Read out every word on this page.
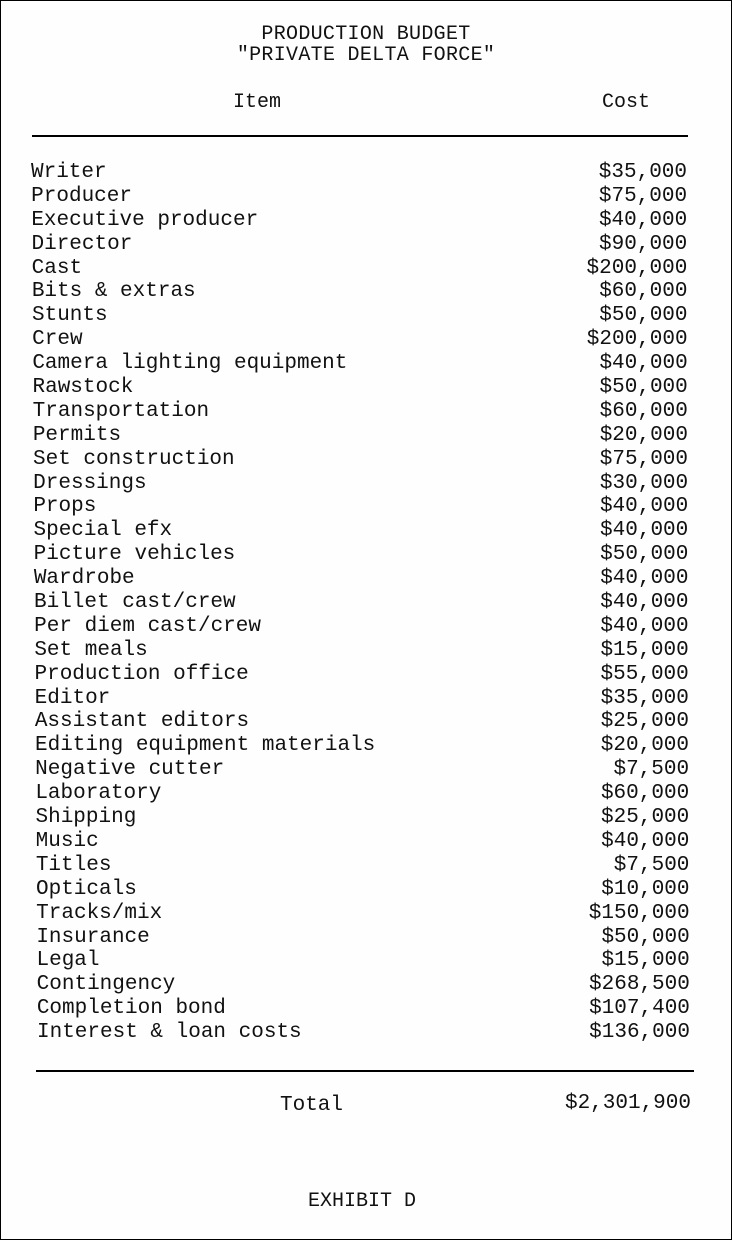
PRODUCTION BUDGET
"PRIVATE DELTA FORCE"
Item	Cost
Writer	$35,000
Producer	$75,000
Executive producer	$40,000
Director	$90,000
Cast	$200,000
Bits & extras	$60,000
Stunts	$50,000
Crew	$200,000
Camera lighting equipment	$40,000
Rawstock	$50,000
Transportation	$60,000
Permits	$20,000
Set construction	$75,000
Dressings	$30,000
Props	$40,000
Special efx	$40,000
Picture vehicles	$50,000
Wardrobe	$40,000
Billet cast/crew	$40,000
Per diem cast/crew	$40,000
Set meals	$15,000
Production office	$55,000
Editor	$35,000
Assistant editors	$25,000
Editing equipment materials	$20,000
Negative cutter	$7,500
Laboratory	$60,000
Shipping	$25,000
Music	$40,000
Titles	$7,500
Opticals	$10,000
Tracks/mix	$150,000
Insurance	$50,000
Legal	$15,000
Contingency	$268,500
Completion bond	$107,400
Interest & loan costs	$136,000
Total	$2,301,900
EXHIBIT D
